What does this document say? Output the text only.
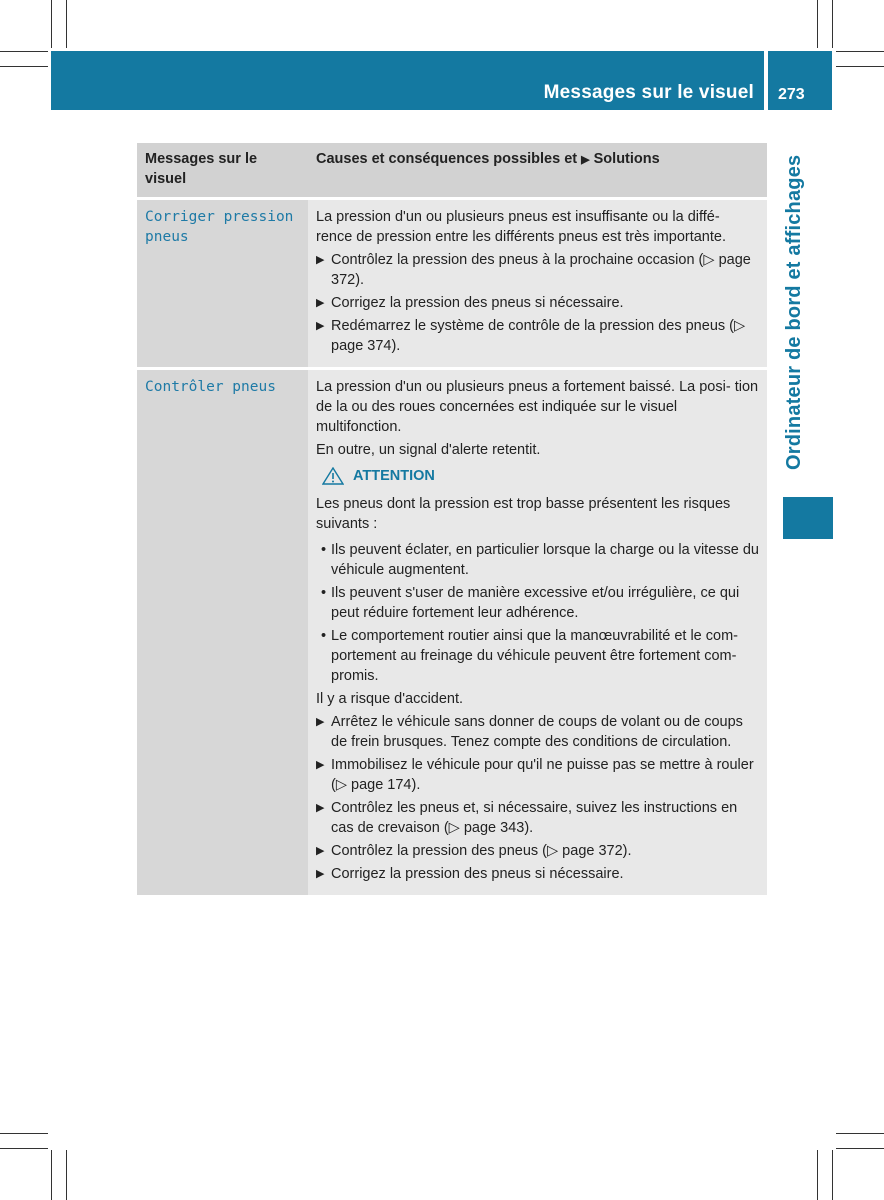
Messages sur le visuel 273
Ordinateur de bord et affichages
Messages sur le visuel
Causes et conséquences possibles et ▶ Solutions
Corriger pression pneus

La pression d'un ou plusieurs pneus est insuffisante ou la diffé- rence de pression entre les différents pneus est très importante.

▶ Contrôlez la pression des pneus à la prochaine occasion (▷ page 372).
▶ Corrigez la pression des pneus si nécessaire.
▶ Redémarrez le système de contrôle de la pression des pneus (▷ page 374).
Contrôler pneus	La pression d'un ou plusieurs pneus a fortement baissé. La posi- tion de la ou des roues concernées est indiquée sur le visuel multifonction.

En outre, un signal d'alerte retentit.

ATTENTION

Les pneus dont la pression est trop basse présentent les risques suivants :

• Ils peuvent éclater, en particulier lorsque la charge ou la vitesse du véhicule augmentent.
• Ils peuvent s'user de manière excessive et/ou irrégulière, ce qui peut réduire fortement leur adhérence.
• Le comportement routier ainsi que la manœuvrabilité et le com- portement au freinage du véhicule peuvent être fortement com- promis.

Il y a risque d'accident.

▶ Arrêtez le véhicule sans donner de coups de volant ou de coups de frein brusques. Tenez compte des conditions de circulation.
▶ Immobilisez le véhicule pour qu'il ne puisse pas se mettre à rouler (▷ page 174).
▶ Contrôlez les pneus et, si nécessaire, suivez les instructions en cas de crevaison (▷ page 343).
▶ Contrôlez la pression des pneus (▷ page 372).
▶ Corrigez la pression des pneus si nécessaire.
